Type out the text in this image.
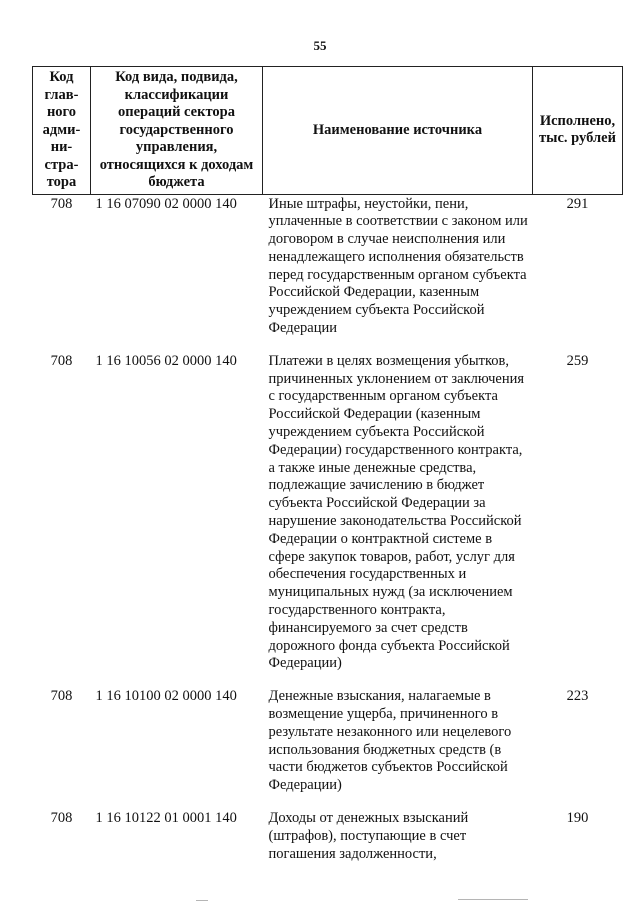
55
Код глав-ного адми-ни-стра-тора	Код вида, подвида, классификации операций сектора государственного управления, относящихся к доходам бюджета	Наименование источника	Исполнено, тыс. рублей
708	1 16 07090 02 0000 140	Иные штрафы, неустойки, пени, уплаченные в соответствии с законом или договором в случае неисполнения или ненадлежащего исполнения обязательств перед государственным органом субъекта Российской Федерации, казенным учреждением субъекта Российской Федерации	291
708	1 16 10056 02 0000 140	Платежи в целях возмещения убытков, причиненных уклонением от заключения с государственным органом субъекта Российской Федерации (казенным учреждением субъекта Российской Федерации) государственного контракта, а также иные денежные средства, подлежащие зачислению в бюджет субъекта Российской Федерации за нарушение законодательства Российской Федерации о контрактной системе в сфере закупок товаров, работ, услуг для обеспечения государственных и муниципальных нужд (за исключением государственного контракта, финансируемого за счет средств дорожного фонда субъекта Российской Федерации)	259
708	1 16 10100 02 0000 140	Денежные взыскания, налагаемые в возмещение ущерба, причиненного в результате незаконного или нецелевого использования бюджетных средств (в части бюджетов субъектов Российской Федерации)	223
708	1 16 10122 01 0001 140	Доходы от денежных взысканий (штрафов), поступающие в счет погашения задолженности,	190
